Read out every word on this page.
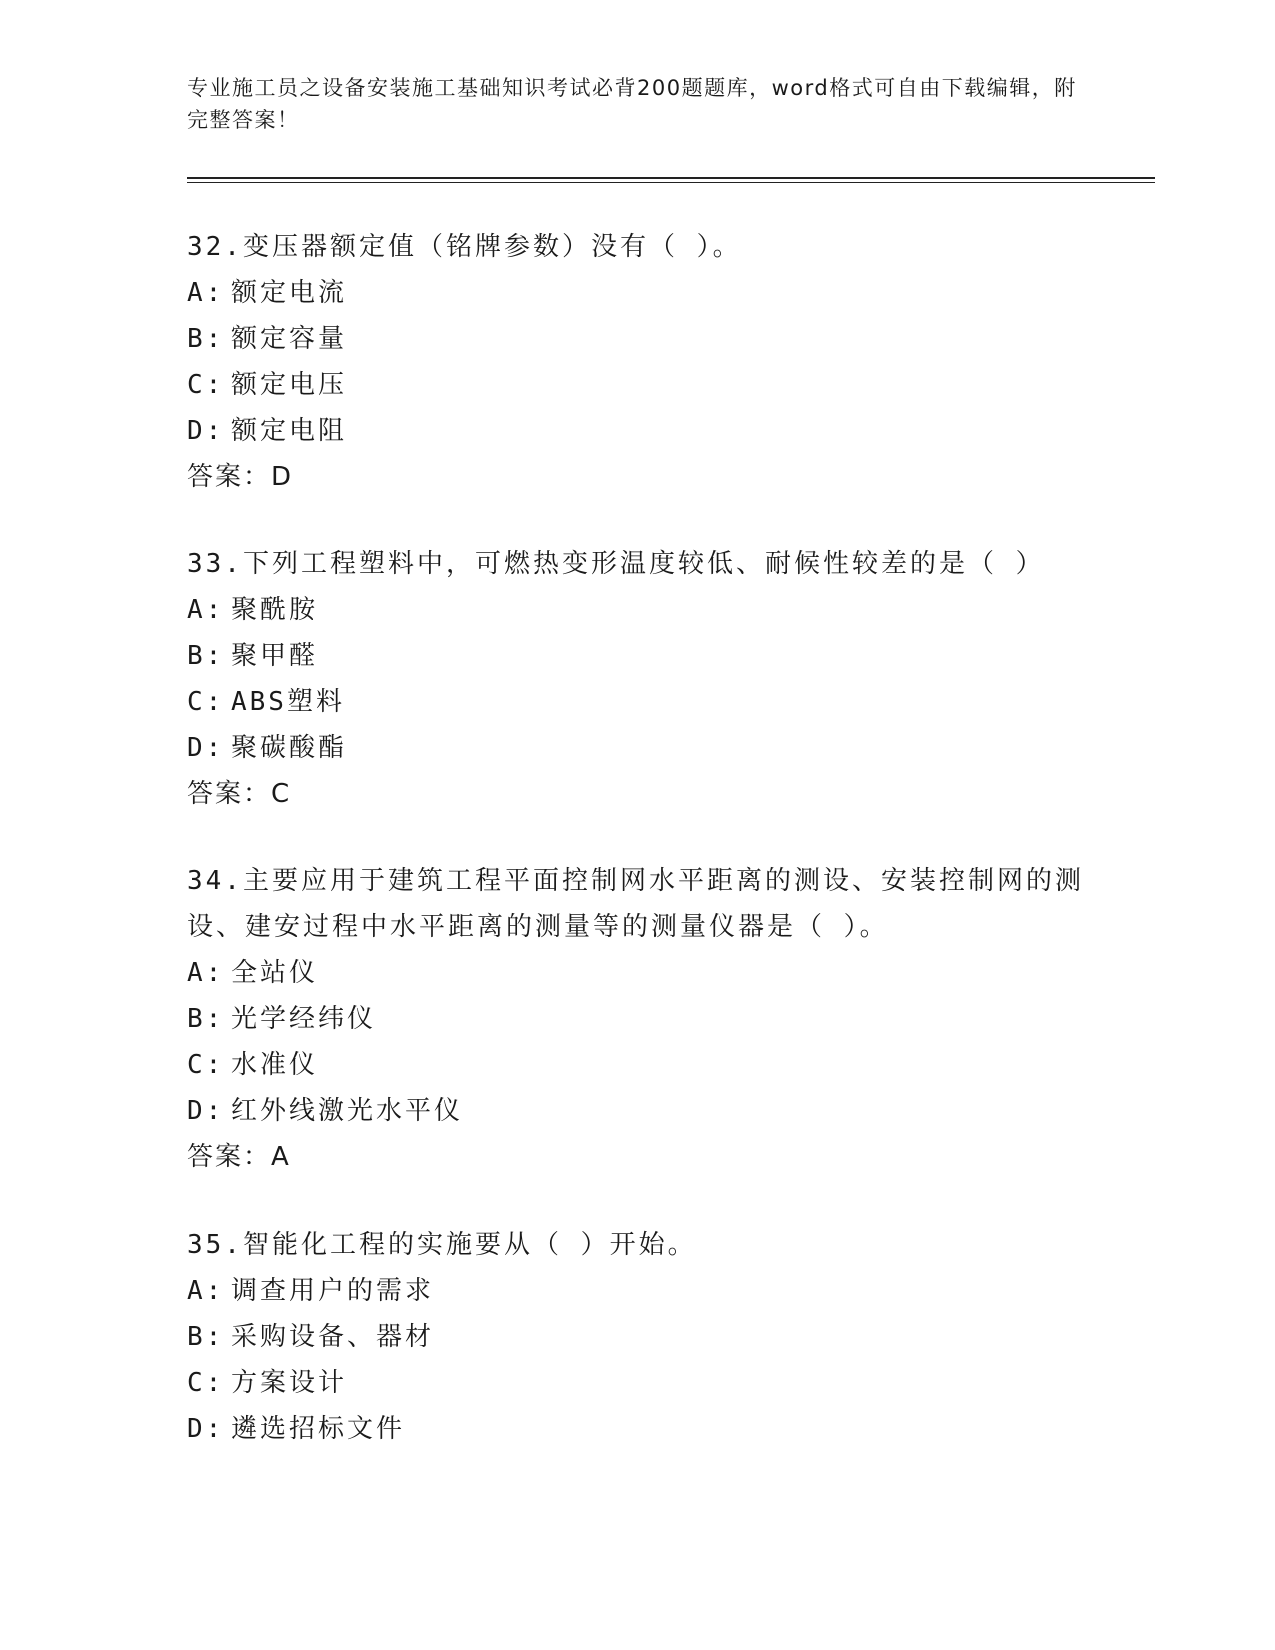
专业施工员之设备安装施工基础知识考试必背200题题库，word格式可自由下载编辑，附完整答案！

32.变压器额定值（铭牌参数）没有（ ）。

A: 额定电流

B: 额定容量

C: 额定电压

D: 额定电阻

答案：D

33.下列工程塑料中，可燃热变形温度较低、耐候性较差的是（ ）

A: 聚酰胺

B: 聚甲醛

C: ABS塑料

D: 聚碳酸酯

答案：C

34.主要应用于建筑工程平面控制网水平距离的测设、安装控制网的测设、建安过程中水平距离的测量等的测量仪器是（ ）。

A: 全站仪

B: 光学经纬仪

C: 水准仪

D: 红外线激光水平仪

答案：A

35.智能化工程的实施要从（ ）开始。

A: 调查用户的需求

B: 采购设备、器材

C: 方案设计

D: 遴选招标文件
